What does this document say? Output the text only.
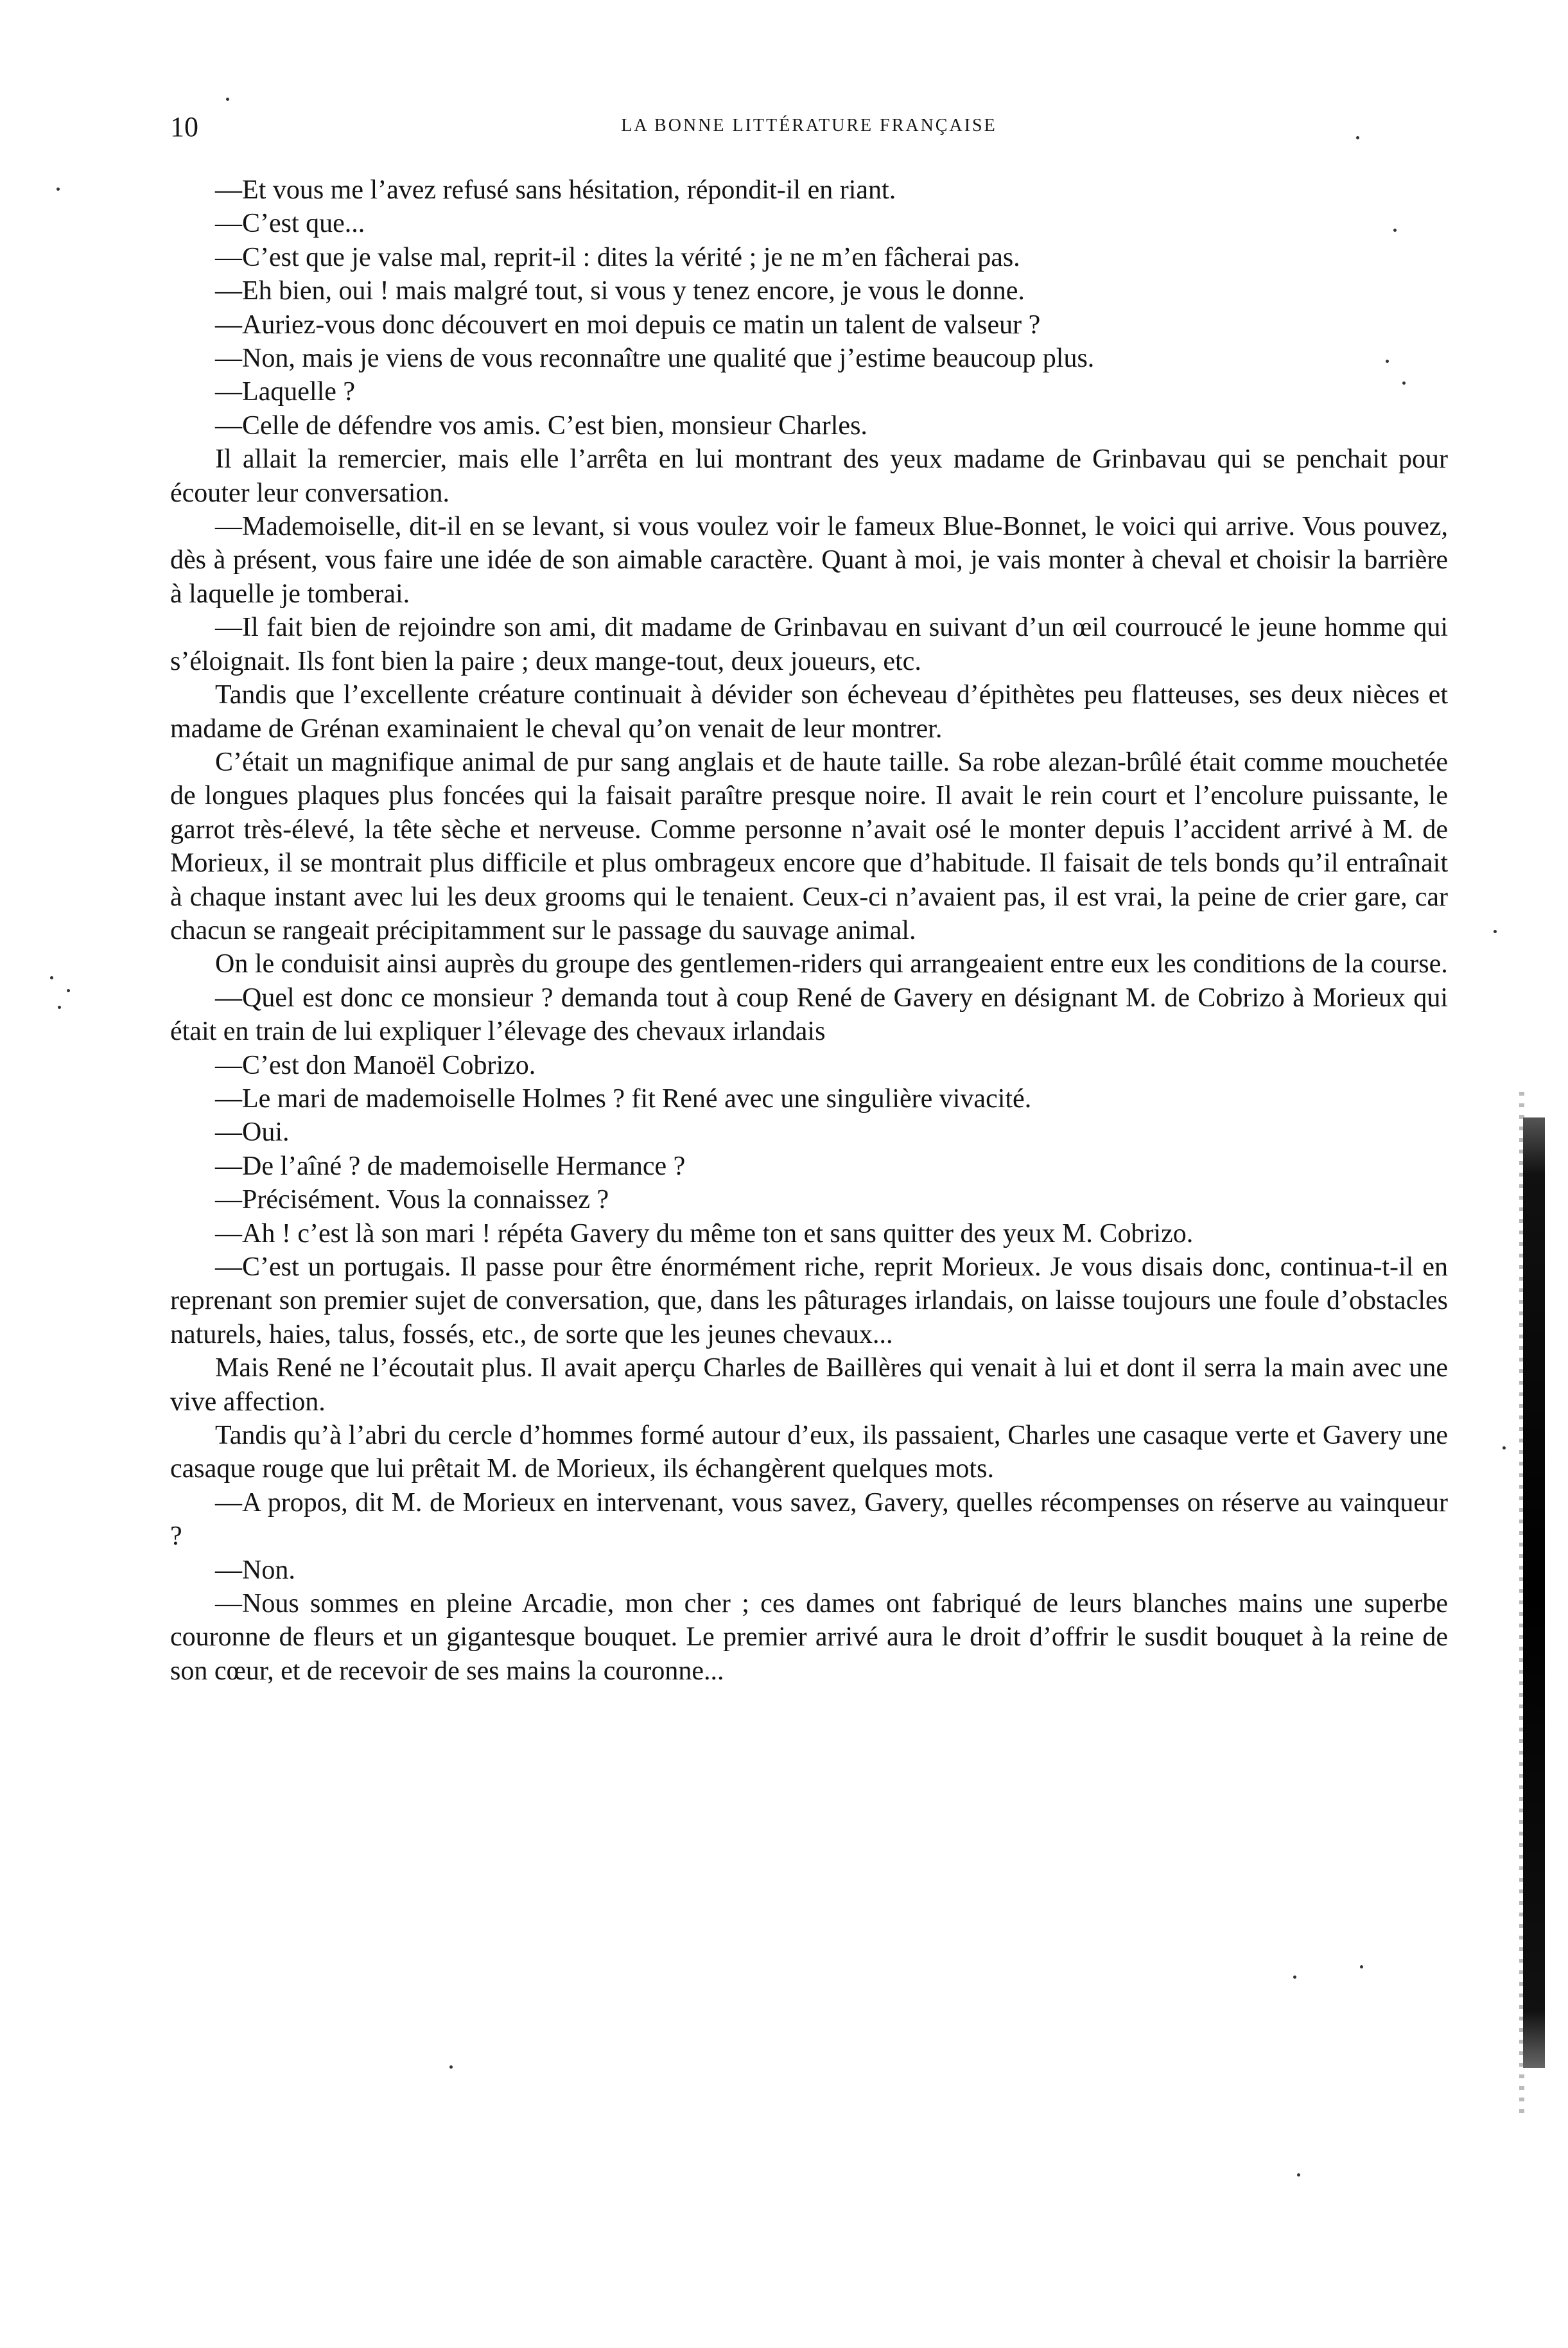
10	LA BONNE LITTÉRATURE FRANÇAISE

—Et vous me l’avez refusé sans hésitation, répondit-il en riant.

—C’est que...

—C’est que je valse mal, reprit-il : dites la vérité ; je ne m’en fâcherai pas.

—Eh bien, oui ! mais malgré tout, si vous y tenez encore, je vous le donne.

—Auriez-vous donc découvert en moi depuis ce matin un talent de valseur ?

—Non, mais je viens de vous reconnaître une qualité que j’estime beaucoup plus.

—Laquelle ?

—Celle de défendre vos amis. C’est bien, monsieur Charles.

Il allait la remercier, mais elle l’arrêta en lui montrant des yeux madame de Grinbavau qui se penchait pour écouter leur conversation.

—Mademoiselle, dit-il en se levant, si vous voulez voir le fameux Blue-Bonnet, le voici qui arrive. Vous pouvez, dès à présent, vous faire une idée de son aimable caractère. Quant à moi, je vais monter à cheval et choisir la barrière à laquelle je tomberai.

—Il fait bien de rejoindre son ami, dit madame de Grinbavau en suivant d’un œil courroucé le jeune homme qui s’éloignait. Ils font bien la paire ; deux mange-tout, deux joueurs, etc.

Tandis que l’excellente créature continuait à dévider son écheveau d’épithètes peu flatteuses, ses deux nièces et madame de Grénan examinaient le cheval qu’on venait de leur montrer.

C’était un magnifique animal de pur sang anglais et de haute taille. Sa robe alezan-brûlé était comme mouchetée de longues plaques plus foncées qui la faisait paraître presque noire. Il avait le rein court et l’encolure puissante, le garrot très-élevé, la tête sèche et nerveuse. Comme personne n’avait osé le monter depuis l’accident arrivé à M. de Morieux, il se montrait plus difficile et plus ombrageux encore que d’habitude. Il faisait de tels bonds qu’il entraînait à chaque instant avec lui les deux grooms qui le tenaient. Ceux-ci n’avaient pas, il est vrai, la peine de crier gare, car chacun se rangeait précipitamment sur le passage du sauvage animal.

On le conduisit ainsi auprès du groupe des gentlemen-riders qui arrangeaient entre eux les conditions de la course.

—Quel est donc ce monsieur ? demanda tout à coup René de Gavery en désignant M. de Cobrizo à Morieux qui était en train de lui expliquer l’élevage des chevaux irlandais

—C’est don Manoël Cobrizo.

—Le mari de mademoiselle Holmes ? fit René avec une singulière vivacité.

—Oui.

—De l’aîné ? de mademoiselle Hermance ?

—Précisément. Vous la connaissez ?

—Ah ! c’est là son mari ! répéta Gavery du même ton et sans quitter des yeux M. Cobrizo.

—C’est un portugais. Il passe pour être énormément riche, reprit Morieux. Je vous disais donc, continua-t-il en reprenant son premier sujet de conversation, que, dans les pâturages irlandais, on laisse toujours une foule d’obstacles naturels, haies, talus, fossés, etc., de sorte que les jeunes chevaux...

Mais René ne l’écoutait plus. Il avait aperçu Charles de Baillères qui venait à lui et dont il serra la main avec une vive affection.

Tandis qu’à l’abri du cercle d’hommes formé autour d’eux, ils passaient, Charles une casaque verte et Gavery une casaque rouge que lui prêtait M. de Morieux, ils échangèrent quelques mots.

—A propos, dit M. de Morieux en intervenant, vous savez, Gavery, quelles récompenses on réserve au vainqueur ?

—Non.

—Nous sommes en pleine Arcadie, mon cher ; ces dames ont fabriqué de leurs blanches mains une superbe couronne de fleurs et un gigantesque bouquet. Le premier arrivé aura le droit d’offrir le susdit bouquet à la reine de son cœur, et de recevoir de ses mains la couronne...
